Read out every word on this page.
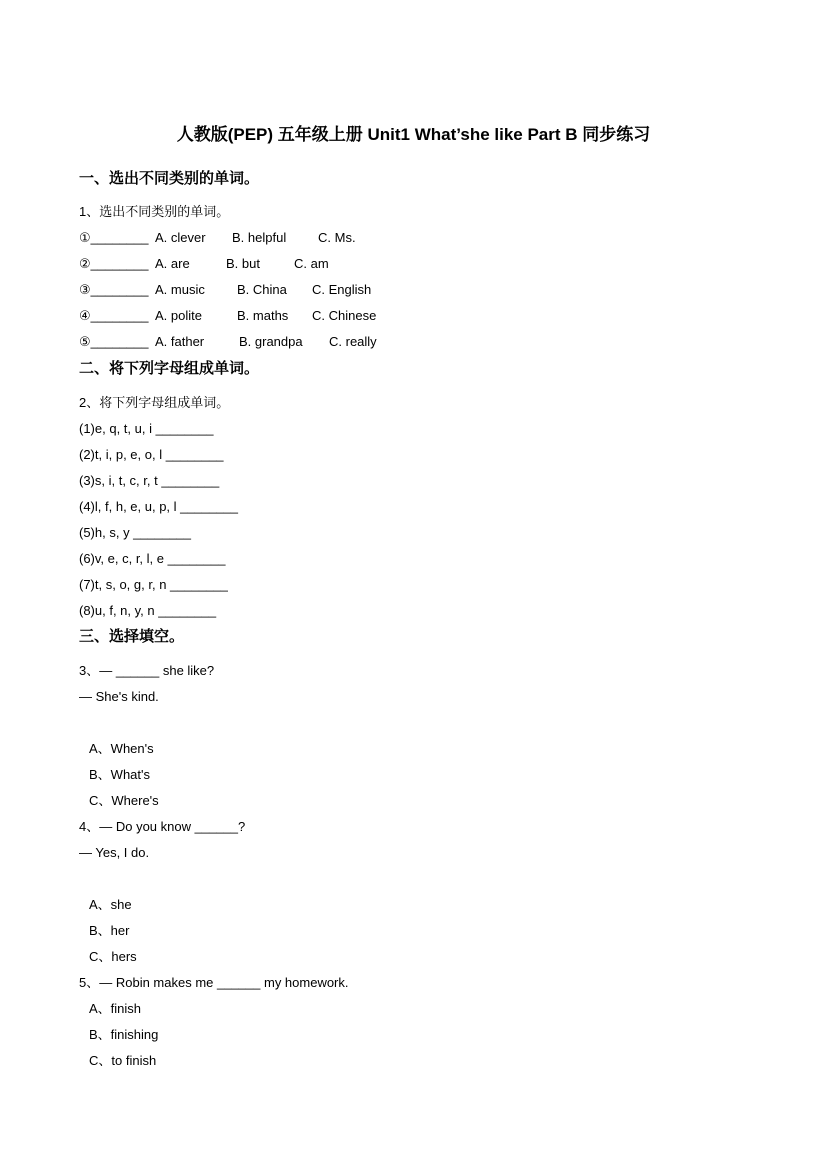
人教版(PEP) 五年级上册 Unit1 What’she like Part B 同步练习
一、选出不同类别的单词。
1、选出不同类别的单词。
①________ A. clever B. helpful C. Ms.
②________ A. are	B. but	C. am
③________ A. music B. China C. English
④________ A. polite	B. maths C. Chinese
⑤________ A. father	B. grandpa C. really
二、将下列字母组成单词。
2、将下列字母组成单词。
(1)e, q, t, u, i ________
(2)t, i, p, e, o, l ________
(3)s, i, t, c, r, t ________
(4)l, f, h, e, u, p, l ________
(5)h, s, y ________
(6)v, e, c, r, l, e ________
(7)t, s, o, g, r, n ________
(8)u, f, n, y, n ________
三、选择填空。
3、— ______ she like?
— She's kind.
A、When's
B、What's
C、Where's
4、— Do you know ______?
— Yes, I do.
A、she
B、her
C、hers
5、— Robin makes me ______ my homework.
A、finish
B、finishing
C、to finish
